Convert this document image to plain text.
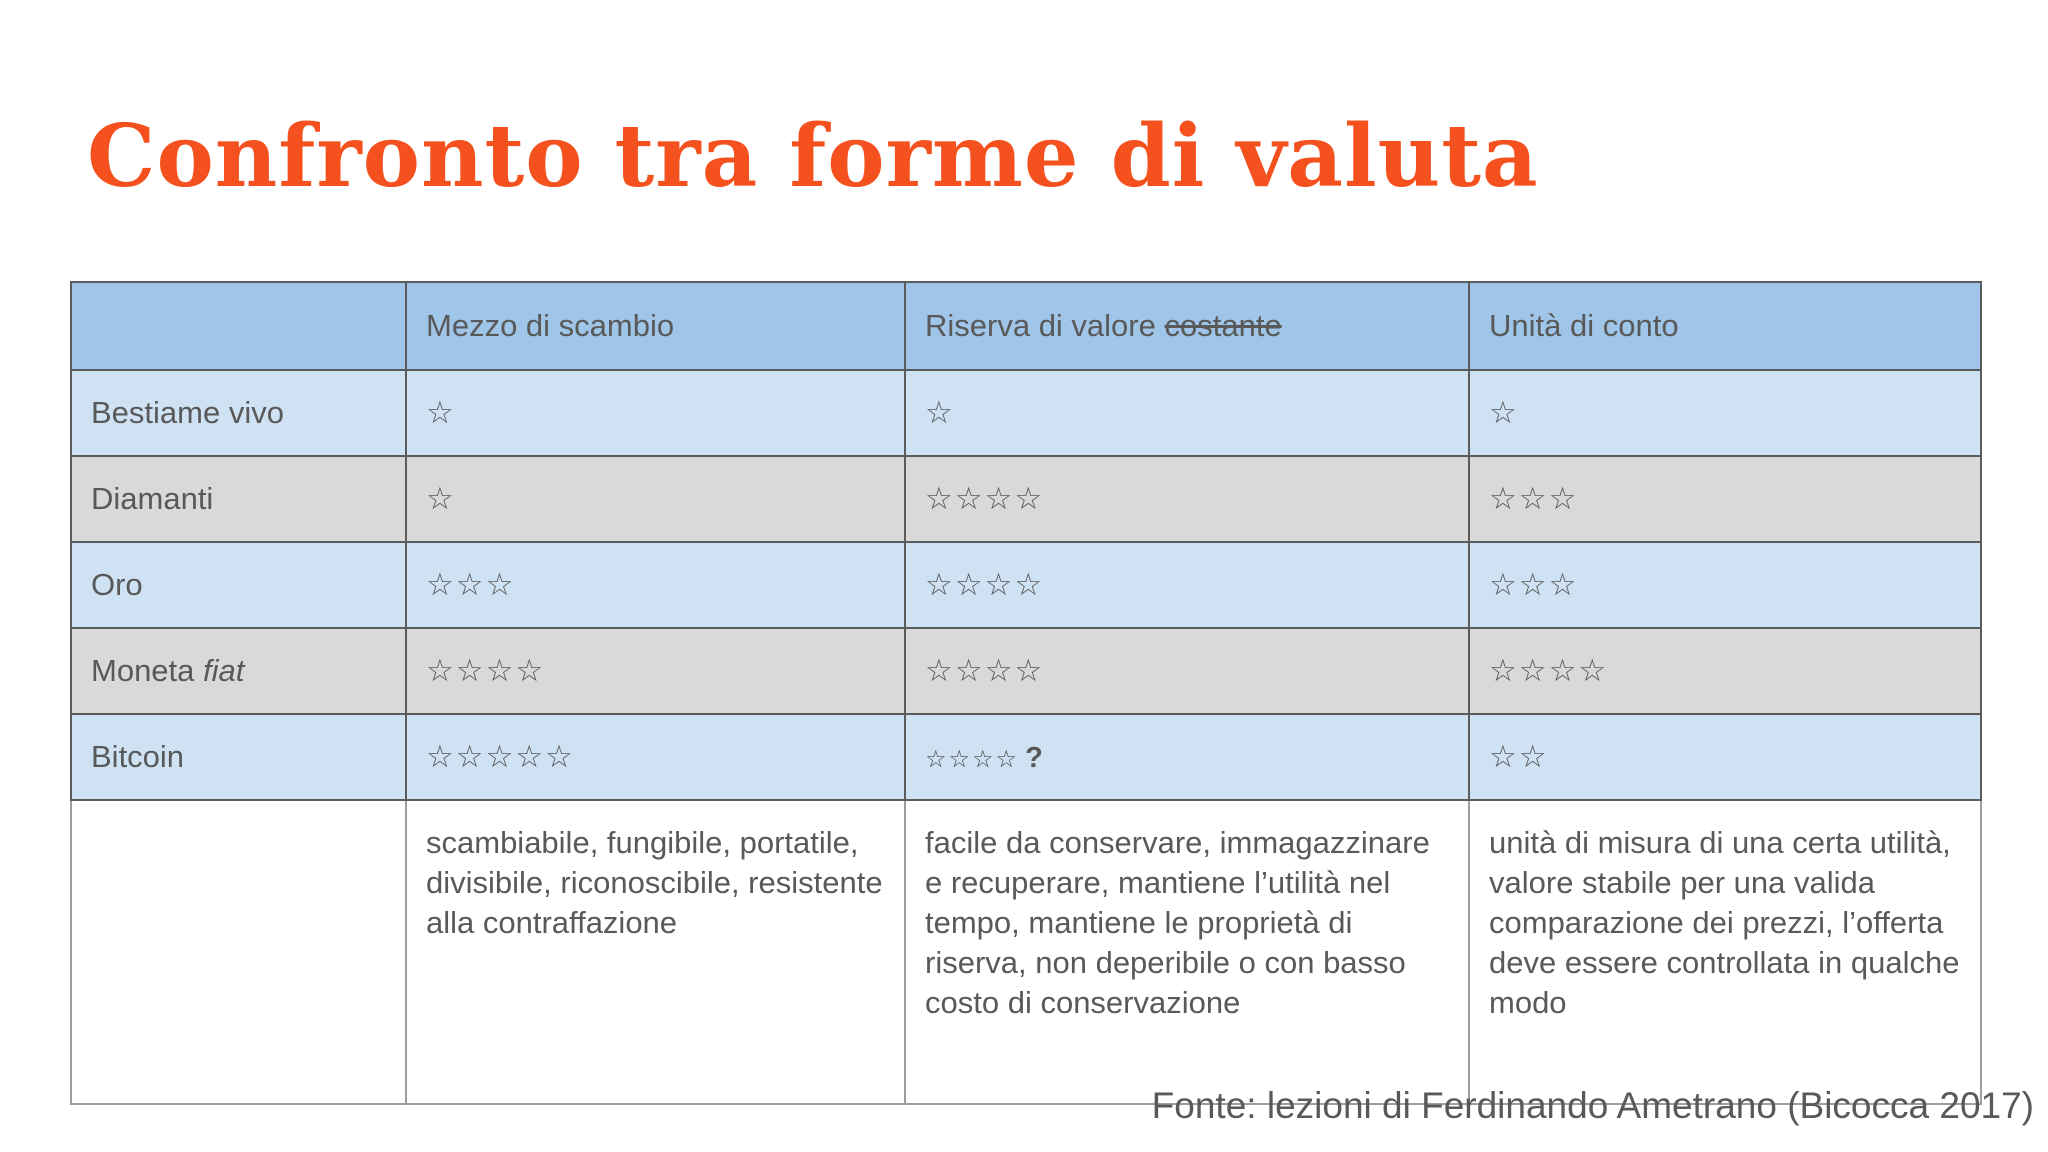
Confronto tra forme di valuta
	Mezzo di scambio	Riserva di valore costante	Unità di conto
Bestiame vivo	☆	☆	☆
Diamanti	☆	☆☆☆☆	☆☆☆
Oro	☆☆☆	☆☆☆☆	☆☆☆
Moneta fiat	☆☆☆☆	☆☆☆☆	☆☆☆☆
Bitcoin	☆☆☆☆☆	☆☆☆☆ ?	☆☆
	scambiabile, fungibile, portatile, divisibile, riconoscibile, resistente alla contraffazione	facile da conservare, immagazzinare e recuperare, mantiene l’utilità nel tempo, mantiene le proprietà di riserva, non deperibile o con basso costo di conservazione	unità di misura di una certa utilità, valore stabile per una valida comparazione dei prezzi, l’offerta deve essere controllata in qualche modo
Fonte: lezioni di Ferdinando Ametrano (Bicocca 2017)
